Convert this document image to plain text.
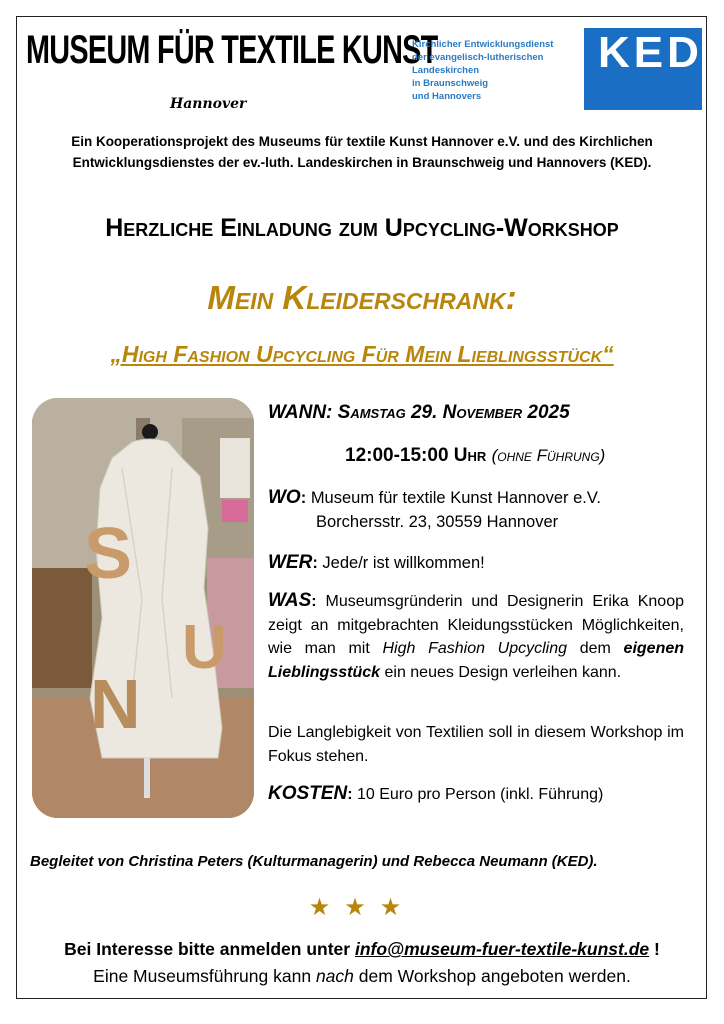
MUSEUM FÜR TEXTILE KUNST
Hannover
Kirchlicher Entwicklungsdienst
der evangelisch-lutherischen
Landeskirchen
in Braunschweig
und Hannovers
KED
Ein Kooperationsprojekt des Museums für textile Kunst Hannover e.V. und des Kirchlichen Entwicklungsdienstes der ev.-luth. Landeskirchen in Braunschweig und Hannovers (KED).
Herzliche Einladung zum Upcycling-Workshop
Mein Kleiderschrank:
„High Fashion Upcycling Für Mein Lieblingsstück“
S
U
N
WANN: Samstag 29. November 2025
12:00-15:00 Uhr (ohne Führung)
WO: Museum für textile Kunst Hannover e.V.
Borchersstr. 23, 30559 Hannover
WER: Jede/r ist willkommen!
WAS: Museumsgründerin und Designerin Erika Knoop zeigt an mitgebrachten Kleidungsstücken Möglichkeiten, wie man mit High Fashion Upcycling dem eigenen Lieblingsstück ein neues Design verleihen kann.
Die Langlebigkeit von Textilien soll in diesem Workshop im Fokus stehen.
KOSTEN: 10 Euro pro Person (inkl. Führung)
Begleitet von Christina Peters (Kulturmanagerin) und Rebecca Neumann (KED).
★★★
Bei Interesse bitte anmelden unter info@museum-fuer-textile-kunst.de !
Eine Museumsführung kann nach dem Workshop angeboten werden.
